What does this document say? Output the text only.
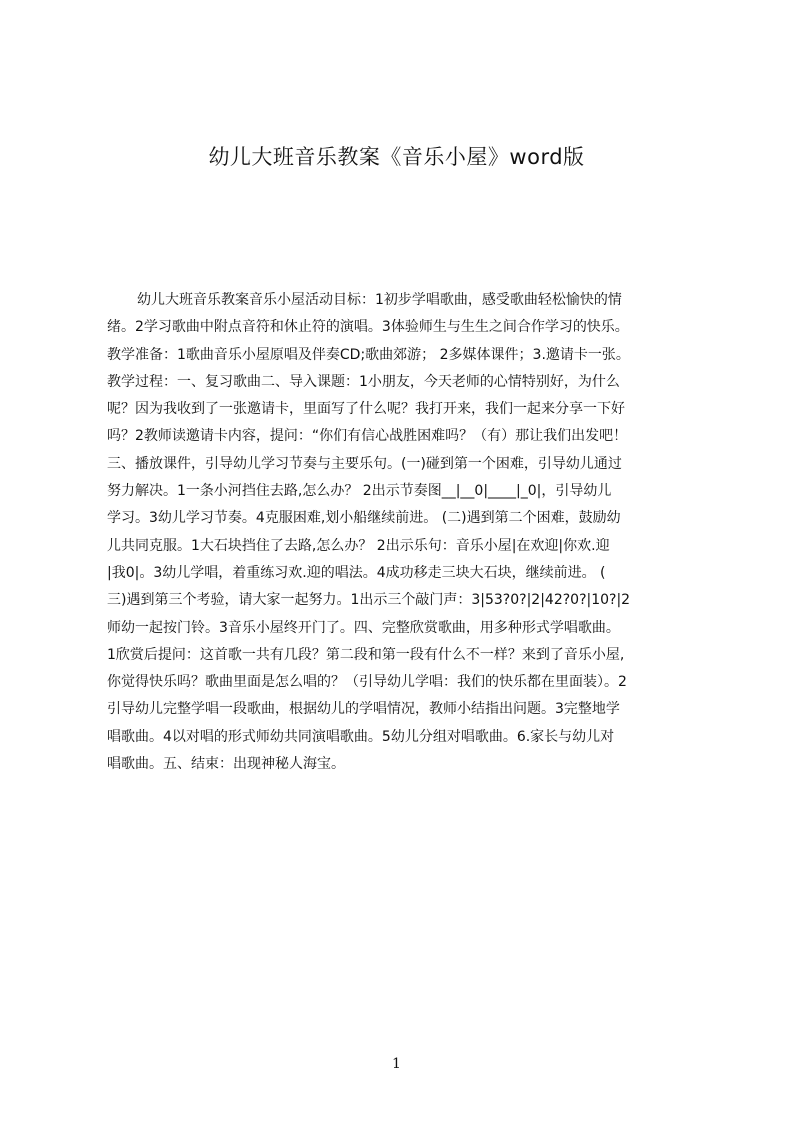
幼儿大班音乐教案《音乐小屋》word版
幼儿大班音乐教案音乐小屋活动目标：1初步学唱歌曲，感受歌曲轻松愉快的情
绪。2学习歌曲中附点音符和休止符的演唱。3体验师生与生生之间合作学习的快乐。
教学准备：1歌曲音乐小屋原唱及伴奏CD;歌曲郊游； 2多媒体课件；3.邀请卡一张。
教学过程：一、复习歌曲二、导入课题：1小朋友，今天老师的心情特别好，为什么
呢？因为我收到了一张邀请卡，里面写了什么呢？我打开来，我们一起来分享一下好
吗？2教师读邀请卡内容，提问：“你们有信心战胜困难吗？（有）那让我们出发吧！
三、播放课件，引导幼儿学习节奏与主要乐句。(一)碰到第一个困难，引导幼儿通过
努力解决。1一条小河挡住去路,怎么办？ 2出示节奏图__|__0|____|_0|，引导幼儿
学习。3幼儿学习节奏。4克服困难,划小船继续前进。 (二)遇到第二个困难，鼓励幼
儿共同克服。1大石块挡住了去路,怎么办？ 2出示乐句：音乐小屋|在欢迎|你欢.迎
|我0|。3幼儿学唱，着重练习欢.迎的唱法。4成功移走三块大石块，继续前进。 (
三)遇到第三个考验，请大家一起努力。1出示三个敲门声：3|53?0?|2|42?0?|10?|2
师幼一起按门铃。3音乐小屋终开门了。四、完整欣赏歌曲，用多种形式学唱歌曲。
1欣赏后提问：这首歌一共有几段？第二段和第一段有什么不一样？来到了音乐小屋,
你觉得快乐吗？歌曲里面是怎么唱的？（引导幼儿学唱：我们的快乐都在里面装）。2
引导幼儿完整学唱一段歌曲，根据幼儿的学唱情况，教师小结指出问题。3完整地学
唱歌曲。4以对唱的形式师幼共同演唱歌曲。5幼儿分组对唱歌曲。6.家长与幼儿对
唱歌曲。五、结束：出现神秘人海宝。
1
